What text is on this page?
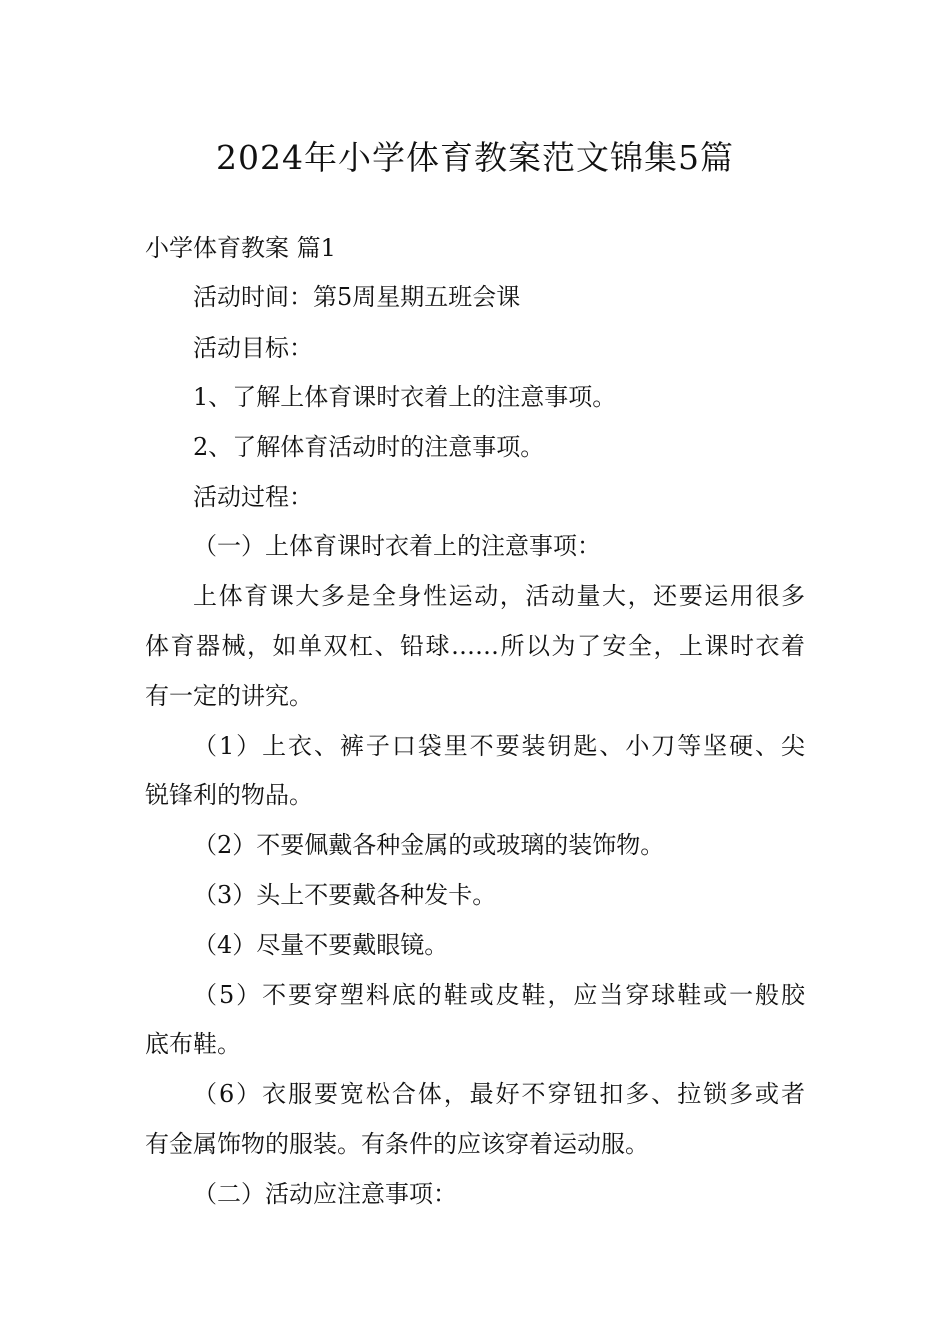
2024年小学体育教案范文锦集5篇
小学体育教案 篇1
活动时间：第5周星期五班会课
活动目标：
1、了解上体育课时衣着上的注意事项。
2、了解体育活动时的注意事项。
活动过程：
（一）上体育课时衣着上的注意事项：
上体育课大多是全身性运动，活动量大，还要运用很多
体育器械，如单双杠、铅球……所以为了安全，上课时衣着
有一定的讲究。
（1）上衣、裤子口袋里不要装钥匙、小刀等坚硬、尖
锐锋利的物品。
（2）不要佩戴各种金属的或玻璃的装饰物。
（3）头上不要戴各种发卡。
（4）尽量不要戴眼镜。
（5）不要穿塑料底的鞋或皮鞋，应当穿球鞋或一般胶
底布鞋。
（6）衣服要宽松合体，最好不穿钮扣多、拉锁多或者
有金属饰物的服装。有条件的应该穿着运动服。
（二）活动应注意事项：
